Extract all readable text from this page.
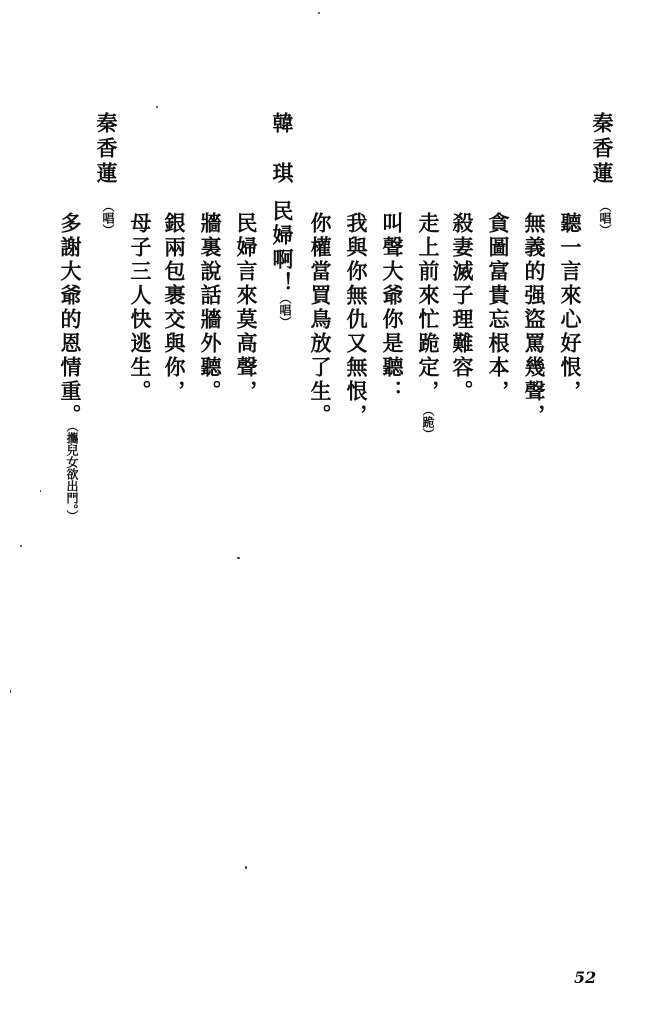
秦香蓮
（唱）
聽一言來心好恨，
無義的强盜罵幾聲，
貪圖富貴忘根本，
殺妻滅子理難容。
走上前來忙跪定，
（跪）
叫聲大爺你是聽：
我與你無仇又無恨，
你權當買鳥放了生。
韓　琪
民婦啊！
（唱）
民婦言來莫高聲，
牆裏說話牆外聽。
銀兩包裹交與你，
母子三人快逃生。
秦香蓮
（唱）
多謝大爺的恩情重。
（攜兒女欲出門。）
52
